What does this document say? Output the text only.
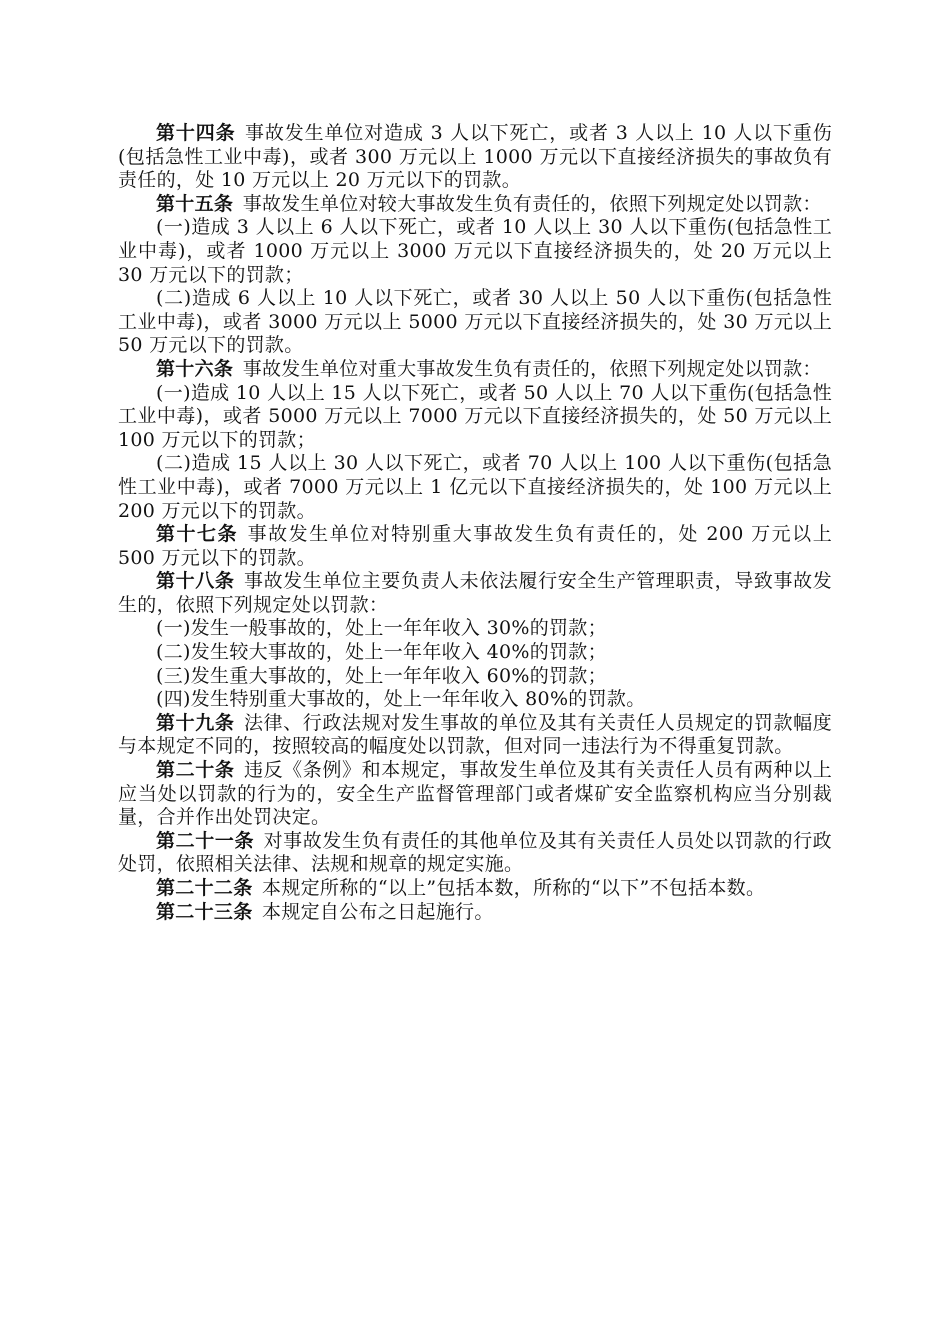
第十四条 事故发生单位对造成 3 人以下死亡，或者 3 人以上 10 人以下重伤(包括急性工业中毒)，或者 300 万元以上 1000 万元以下直接经济损失的事故负有责任的，处 10 万元以上 20 万元以下的罚款。

第十五条 事故发生单位对较大事故发生负有责任的，依照下列规定处以罚款：

(一)造成 3 人以上 6 人以下死亡，或者 10 人以上 30 人以下重伤(包括急性工业中毒)，或者 1000 万元以上 3000 万元以下直接经济损失的，处 20 万元以上 30 万元以下的罚款；

(二)造成 6 人以上 10 人以下死亡，或者 30 人以上 50 人以下重伤(包括急性工业中毒)，或者 3000 万元以上 5000 万元以下直接经济损失的，处 30 万元以上 50 万元以下的罚款。

第十六条 事故发生单位对重大事故发生负有责任的，依照下列规定处以罚款：

(一)造成 10 人以上 15 人以下死亡，或者 50 人以上 70 人以下重伤(包括急性工业中毒)，或者 5000 万元以上 7000 万元以下直接经济损失的，处 50 万元以上 100 万元以下的罚款；

(二)造成 15 人以上 30 人以下死亡，或者 70 人以上 100 人以下重伤(包括急性工业中毒)，或者 7000 万元以上 1 亿元以下直接经济损失的，处 100 万元以上 200 万元以下的罚款。

第十七条 事故发生单位对特别重大事故发生负有责任的，处 200 万元以上 500 万元以下的罚款。

第十八条 事故发生单位主要负责人未依法履行安全生产管理职责，导致事故发生的，依照下列规定处以罚款：

(一)发生一般事故的，处上一年年收入 30%的罚款；

(二)发生较大事故的，处上一年年收入 40%的罚款；

(三)发生重大事故的，处上一年年收入 60%的罚款；

(四)发生特别重大事故的，处上一年年收入 80%的罚款。

第十九条 法律、行政法规对发生事故的单位及其有关责任人员规定的罚款幅度与本规定不同的，按照较高的幅度处以罚款，但对同一违法行为不得重复罚款。

第二十条 违反《条例》和本规定，事故发生单位及其有关责任人员有两种以上应当处以罚款的行为的，安全生产监督管理部门或者煤矿安全监察机构应当分别裁量，合并作出处罚决定。

第二十一条 对事故发生负有责任的其他单位及其有关责任人员处以罚款的行政处罚，依照相关法律、法规和规章的规定实施。

第二十二条 本规定所称的“以上”包括本数，所称的“以下”不包括本数。

第二十三条 本规定自公布之日起施行。
